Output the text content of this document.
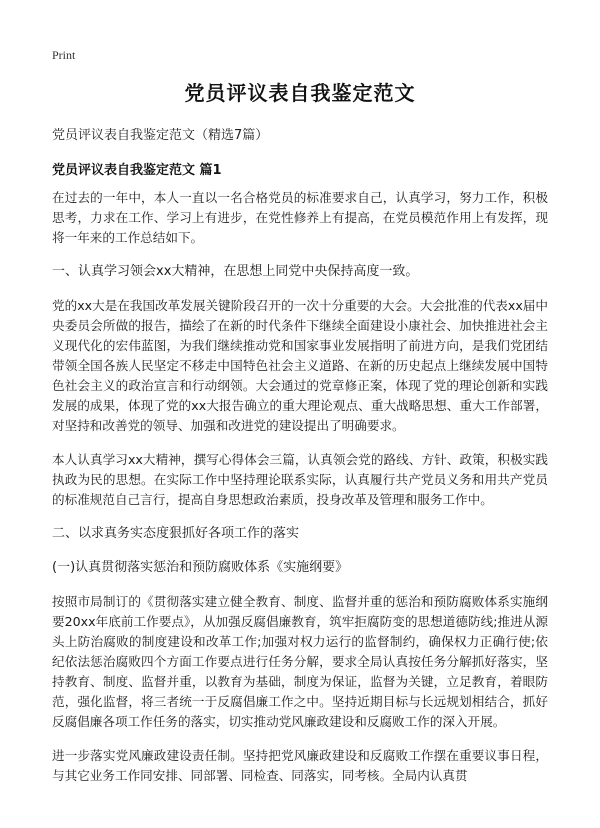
Print
党员评议表自我鉴定范文
党员评议表自我鉴定范文（精选7篇）
党员评议表自我鉴定范文 篇1
在过去的一年中，本人一直以一名合格党员的标准要求自己，认真学习，努力工作，积极思考，力求在工作、学习上有进步，在党性修养上有提高，在党员模范作用上有发挥，现将一年来的工作总结如下。
一、认真学习领会xx大精神，在思想上同党中央保持高度一致。
党的xx大是在我国改革发展关键阶段召开的一次十分重要的大会。大会批准的代表xx届中央委员会所做的报告，描绘了在新的时代条件下继续全面建设小康社会、加快推进社会主义现代化的宏伟蓝图，为我们继续推动党和国家事业发展指明了前进方向，是我们党团结带领全国各族人民坚定不移走中国特色社会主义道路、在新的历史起点上继续发展中国特色社会主义的政治宣言和行动纲领。大会通过的党章修正案，体现了党的理论创新和实践发展的成果，体现了党的xx大报告确立的重大理论观点、重大战略思想、重大工作部署，对坚持和改善党的领导、加强和改进党的建设提出了明确要求。
本人认真学习xx大精神，撰写心得体会三篇，认真领会党的路线、方针、政策，积极实践执政为民的思想。在实际工作中坚持理论联系实际，认真履行共产党员义务和用共产党员的标准规范自己言行，提高自身思想政治素质，投身改革及管理和服务工作中。
二、以求真务实态度狠抓好各项工作的落实
(一)认真贯彻落实惩治和预防腐败体系《实施纲要》
按照市局制订的《贯彻落实建立健全教育、制度、监督并重的惩治和预防腐败体系实施纲要20xx年底前工作要点》，从加强反腐倡廉教育，筑牢拒腐防变的思想道德防线;推进从源头上防治腐败的制度建设和改革工作;加强对权力运行的监督制约，确保权力正确行使;依纪依法惩治腐败四个方面工作要点进行任务分解，要求全局认真按任务分解抓好落实，坚持教育、制度、监督并重，以教育为基础，制度为保证，监督为关键，立足教育，着眼防范，强化监督，将三者统一于反腐倡廉工作之中。坚持近期目标与长远规划相结合，抓好反腐倡廉各项工作任务的落实，切实推动党风廉政建设和反腐败工作的深入开展。
进一步落实党风廉政建设责任制。坚持把党风廉政建设和反腐败工作摆在重要议事日程，与其它业务工作同安排、同部署、同检查、同落实，同考核。全局内认真贯
